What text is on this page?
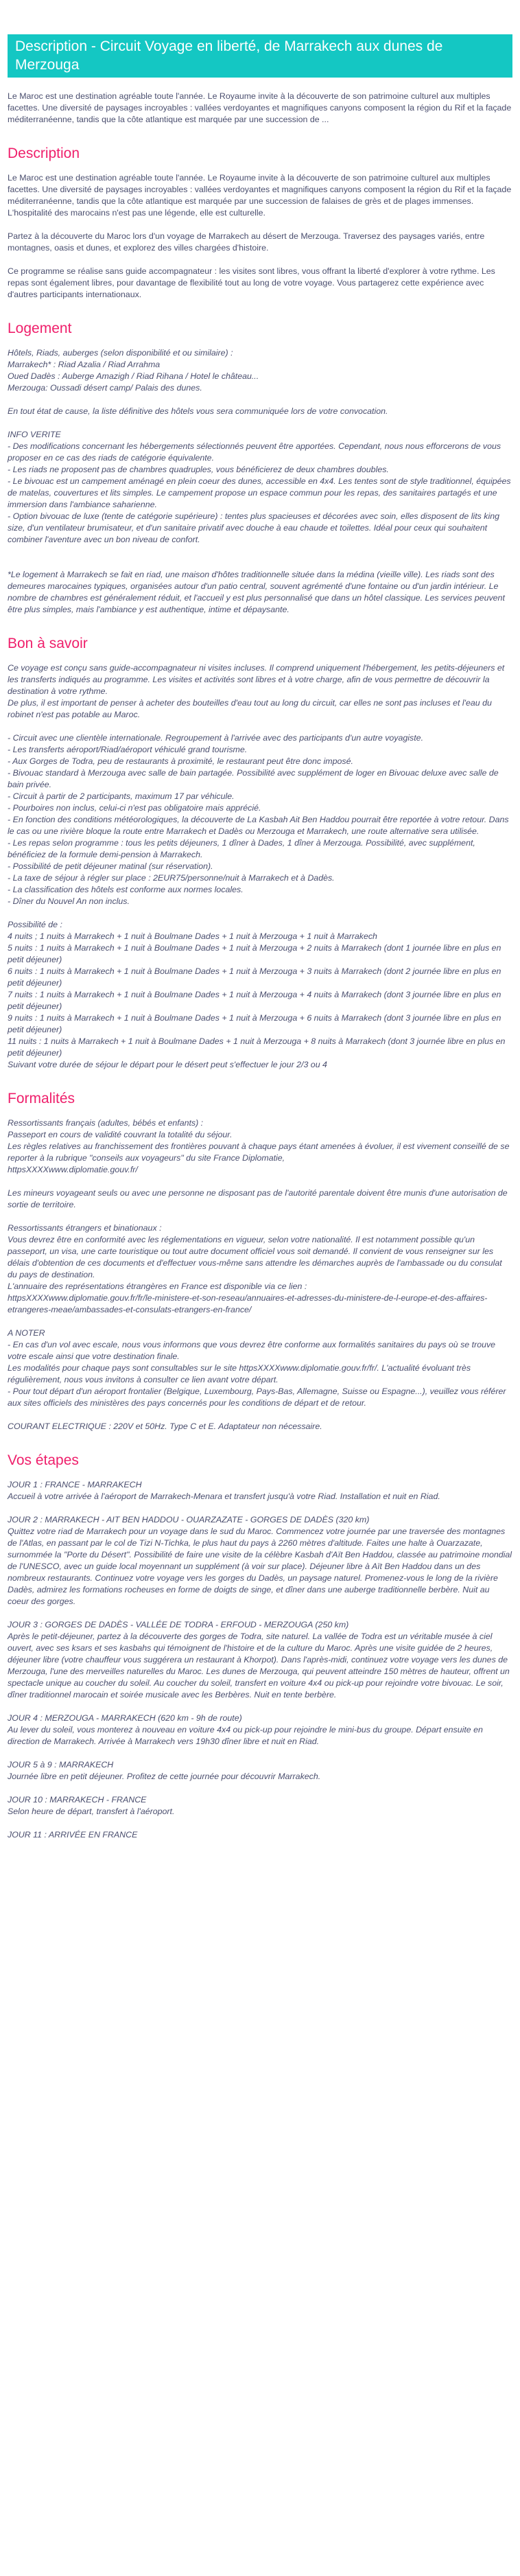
Description - Circuit Voyage en liberté, de Marrakech aux dunes de Merzouga

Le Maroc est une destination agréable toute l'année. Le Royaume invite à la découverte de son patrimoine culturel aux multiples facettes. Une diversité de paysages incroyables : vallées verdoyantes et magnifiques canyons composent la région du Rif et la façade méditerranéenne, tandis que la côte atlantique est marquée par une succession de ...

Description

Le Maroc est une destination agréable toute l'année. Le Royaume invite à la découverte de son patrimoine culturel aux multiples facettes. Une diversité de paysages incroyables : vallées verdoyantes et magnifiques canyons composent la région du Rif et la façade méditerranéenne, tandis que la côte atlantique est marquée par une succession de falaises de grès et de plages immenses. L'hospitalité des marocains n'est pas une légende, elle est culturelle.

Partez à la découverte du Maroc lors d'un voyage de Marrakech au désert de Merzouga. Traversez des paysages variés, entre montagnes, oasis et dunes, et explorez des villes chargées d'histoire.

Ce programme se réalise sans guide accompagnateur : les visites sont libres, vous offrant la liberté d'explorer à votre rythme. Les repas sont également libres, pour davantage de flexibilité tout au long de votre voyage. Vous partagerez cette expérience avec d'autres participants internationaux.

Logement
Hôtels, Riads, auberges (selon disponibilité et ou similaire) :
Marrakech* : Riad Azalia / Riad Arrahma
Oued Dadès : Auberge Amazigh / Riad Rihana / Hotel le château...
Merzouga: Oussadi désert camp/ Palais des dunes.
En tout état de cause, la liste définitive des hôtels vous sera communiquée lors de votre convocation.
INFO VERITE
- Des modifications concernant les hébergements sélectionnés peuvent être apportées. Cependant, nous nous efforcerons de vous proposer en ce cas des riads de catégorie équivalente.
- Les riads ne proposent pas de chambres quadruples, vous bénéficierez de deux chambres doubles.
- Le bivouac est un campement aménagé en plein coeur des dunes, accessible en 4x4. Les tentes sont de style traditionnel, équipées de matelas, couvertures et lits simples. Le campement propose un espace commun pour les repas, des sanitaires partagés et une immersion dans l'ambiance saharienne.
- Option bivouac de luxe (tente de catégorie supérieure) : tentes plus spacieuses et décorées avec soin, elles disposent de lits king size, d'un ventilateur brumisateur, et d'un sanitaire privatif avec douche à eau chaude et toilettes. Idéal pour ceux qui souhaitent combiner l'aventure avec un bon niveau de confort.
*Le logement à Marrakech se fait en riad, une maison d'hôtes traditionnelle située dans la médina (vieille ville). Les riads sont des demeures marocaines typiques, organisées autour d'un patio central, souvent agrémenté d'une fontaine ou d'un jardin intérieur. Le nombre de chambres est généralement réduit, et l'accueil y est plus personnalisé que dans un hôtel classique. Les services peuvent être plus simples, mais l'ambiance y est authentique, intime et dépaysante.
Bon à savoir
Ce voyage est conçu sans guide-accompagnateur ni visites incluses. Il comprend uniquement l'hébergement, les petits-déjeuners et les transferts indiqués au programme. Les visites et activités sont libres et à votre charge, afin de vous permettre de découvrir la destination à votre rythme.
De plus, il est important de penser à acheter des bouteilles d'eau tout au long du circuit, car elles ne sont pas incluses et l'eau du robinet n'est pas potable au Maroc.
- Circuit avec une clientèle internationale. Regroupement à l'arrivée avec des participants d'un autre voyagiste.
- Les transferts aéroport/Riad/aéroport véhiculé grand tourisme.
- Aux Gorges de Todra, peu de restaurants à proximité, le restaurant peut être donc imposé.
- Bivouac standard à Merzouga avec salle de bain partagée. Possibilité avec supplément de loger en Bivouac deluxe avec salle de bain privée.
- Circuit à partir de 2 participants, maximum 17 par véhicule.
- Pourboires non inclus, celui-ci n'est pas obligatoire mais apprécié.
- En fonction des conditions météorologiques, la découverte de La Kasbah Ait Ben Haddou pourrait être reportée à votre retour. Dans le cas ou une rivière bloque la route entre Marrakech et Dadès ou Merzouga et Marrakech, une route alternative sera utilisée.
- Les repas selon programme : tous les petits déjeuners, 1 dîner à Dades, 1 dîner à Merzouga. Possibilité, avec supplément, bénéficiez de la formule demi-pension à Marrakech.
- Possibilité de petit déjeuner matinal (sur réservation).
- La taxe de séjour à régler sur place : 2EUR75/personne/nuit à Marrakech et à Dadès.
- La classification des hôtels est conforme aux normes locales.
- Dîner du Nouvel An non inclus.
Possibilité de :
4 nuits ; 1 nuits à Marrakech + 1 nuit à Boulmane Dades + 1 nuit à Merzouga + 1 nuit à Marrakech
5 nuits : 1 nuits à Marrakech + 1 nuit à Boulmane Dades + 1 nuit à Merzouga + 2 nuits à Marrakech (dont 1 journée libre en plus en petit déjeuner)
6 nuits : 1 nuits à Marrakech + 1 nuit à Boulmane Dades + 1 nuit à Merzouga + 3 nuits à Marrakech (dont 2 journée libre en plus en petit déjeuner)
7 nuits : 1 nuits à Marrakech + 1 nuit à Boulmane Dades + 1 nuit à Merzouga + 4 nuits à Marrakech (dont 3 journée libre en plus en petit déjeuner)
9 nuits : 1 nuits à Marrakech + 1 nuit à Boulmane Dades + 1 nuit à Merzouga + 6 nuits à Marrakech (dont 3 journée libre en plus en petit déjeuner)
11 nuits : 1 nuits à Marrakech + 1 nuit à Boulmane Dades + 1 nuit à Merzouga + 8 nuits à Marrakech (dont 3 journée libre en plus en petit déjeuner)
Suivant votre durée de séjour le départ pour le désert peut s'effectuer le jour 2/3 ou 4
Formalités
Ressortissants français (adultes, bébés et enfants) :
Passeport en cours de validité couvrant la totalité du séjour.
Les règles relatives au franchissement des frontières pouvant à chaque pays étant amenées à évoluer, il est vivement conseillé de se reporter à la rubrique "conseils aux voyageurs" du site France Diplomatie,
httpsXXXXwww.diplomatie.gouv.fr/
Les mineurs voyageant seuls ou avec une personne ne disposant pas de l'autorité parentale doivent être munis d'une autorisation de sortie de territoire.
Ressortissants étrangers et binationaux :
Vous devrez être en conformité avec les réglementations en vigueur, selon votre nationalité. Il est notamment possible qu'un passeport, un visa, une carte touristique ou tout autre document officiel vous soit demandé. Il convient de vous renseigner sur les délais d'obtention de ces documents et d'effectuer vous-même sans attendre les démarches auprès de l'ambassade ou du consulat du pays de destination.
L'annuaire des représentations étrangères en France est disponible via ce lien :
httpsXXXXwww.diplomatie.gouv.fr/fr/le-ministere-et-son-reseau/annuaires-et-adresses-du-ministere-de-l-europe-et-des-affaires-etrangeres-meae/ambassades-et-consulats-etrangers-en-france/
A NOTER
- En cas d'un vol avec escale, nous vous informons que vous devrez être conforme aux formalités sanitaires du pays où se trouve votre escale ainsi que votre destination finale.
Les modalités pour chaque pays sont consultables sur le site httpsXXXXwww.diplomatie.gouv.fr/fr/. L'actualité évoluant très régulièrement, nous vous invitons à consulter ce lien avant votre départ.
- Pour tout départ d'un aéroport frontalier (Belgique, Luxembourg, Pays-Bas, Allemagne, Suisse ou Espagne...), veuillez vous référer aux sites officiels des ministères des pays concernés pour les conditions de départ et de retour.
COURANT ELECTRIQUE : 220V et 50Hz. Type C et E. Adaptateur non nécessaire.
Vos étapes
JOUR 1 : FRANCE - MARRAKECH
Accueil à votre arrivée à l'aéroport de Marrakech-Menara et transfert jusqu'à votre Riad. Installation et nuit en Riad.
JOUR 2 : MARRAKECH - AIT BEN HADDOU - OUARZAZATE - GORGES DE DADÈS (320 km)
Quittez votre riad de Marrakech pour un voyage dans le sud du Maroc. Commencez votre journée par une traversée des montagnes de l'Atlas, en passant par le col de Tizi N-Tichka, le plus haut du pays à 2260 mètres d'altitude. Faites une halte à Ouarzazate, surnommée la "Porte du Désert". Possibilité de faire une visite de la célèbre Kasbah d'Aït Ben Haddou, classée au patrimoine mondial de l'UNESCO, avec un guide local moyennant un supplément (à voir sur place). Déjeuner libre à Aït Ben Haddou dans un des nombreux restaurants. Continuez votre voyage vers les gorges du Dadès, un paysage naturel. Promenez-vous le long de la rivière Dadès, admirez les formations rocheuses en forme de doigts de singe, et dîner dans une auberge traditionnelle berbère. Nuit au coeur des gorges.
JOUR 3 : GORGES DE DADÈS - VALLÉE DE TODRA - ERFOUD - MERZOUGA (250 km)
Après le petit-déjeuner, partez à la découverte des gorges de Todra, site naturel. La vallée de Todra est un véritable musée à ciel ouvert, avec ses ksars et ses kasbahs qui témoignent de l'histoire et de la culture du Maroc. Après une visite guidée de 2 heures, déjeuner libre (votre chauffeur vous suggérera un restaurant à Khorpot). Dans l'après-midi, continuez votre voyage vers les dunes de Merzouga, l'une des merveilles naturelles du Maroc. Les dunes de Merzouga, qui peuvent atteindre 150 mètres de hauteur, offrent un spectacle unique au coucher du soleil. Au coucher du soleil, transfert en voiture 4x4 ou pick-up pour rejoindre votre bivouac. Le soir, dîner traditionnel marocain et soirée musicale avec les Berbères. Nuit en tente berbère.
JOUR 4 : MERZOUGA - MARRAKECH (620 km - 9h de route)
Au lever du soleil, vous monterez à nouveau en voiture 4x4 ou pick-up pour rejoindre le mini-bus du groupe. Départ ensuite en direction de Marrakech. Arrivée à Marrakech vers 19h30 dîner libre et nuit en Riad.
JOUR 5 à 9 : MARRAKECH
Journée libre en petit déjeuner. Profitez de cette journée pour découvrir Marrakech.
JOUR 10 : MARRAKECH - FRANCE
Selon heure de départ, transfert à l'aéroport.
JOUR 11 : ARRIVÉE EN FRANCE
